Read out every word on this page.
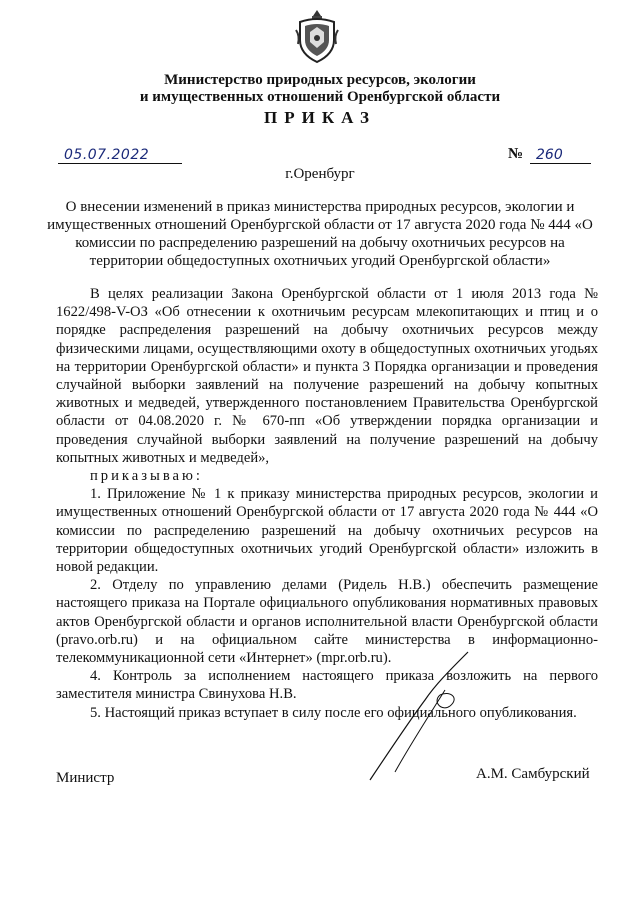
Министерство природных ресурсов, экологии
и имущественных отношений Оренбургской области
ПРИКАЗ
05.07.2022	№ 260
г.Оренбург
О внесении изменений в приказ министерства природных ресурсов, экологии и имущественных отношений Оренбургской области от 17 августа 2020 года № 444 «О комиссии по распределению разрешений на добычу охотничьих ресурсов на территории общедоступных охотничьих угодий Оренбургской области»

В целях реализации Закона Оренбургской области от 1 июля 2013 года № 1622/498-V-ОЗ «Об отнесении к охотничьим ресурсам млекопитающих и птиц и о порядке распределения разрешений на добычу охотничьих ресурсов между физическими лицами, осуществляющими охоту в общедоступных охотничьих угодьях на территории Оренбургской области» и пункта 3 Порядка организации и проведения случайной выборки заявлений на получение разрешений на добычу копытных животных и медведей, утвержденного постановлением Правительства Оренбургской области от 04.08.2020 г. № 670-пп «Об утверждении порядка организации и проведения случайной выборки заявлений на получение разрешений на добычу копытных животных и медведей»,

приказываю:

1. Приложение № 1 к приказу министерства природных ресурсов, экологии и имущественных отношений Оренбургской области от 17 августа 2020 года № 444 «О комиссии по распределению разрешений на добычу охотничьих ресурсов на территории общедоступных охотничьих угодий Оренбургской области» изложить в новой редакции.

2. Отделу по управлению делами (Ридель Н.В.) обеспечить размещение настоящего приказа на Портале официального опубликования нормативных правовых актов Оренбургской области и органов исполнительной власти Оренбургской области (pravo.orb.ru) и на официальном сайте министерства в информационно-телекоммуникационной сети «Интернет» (mpr.orb.ru).

4. Контроль за исполнением настоящего приказа возложить на первого заместителя министра Свинухова Н.В.

5. Настоящий приказ вступает в силу после его официального опубликования.

Министр	А.М. Самбурский
